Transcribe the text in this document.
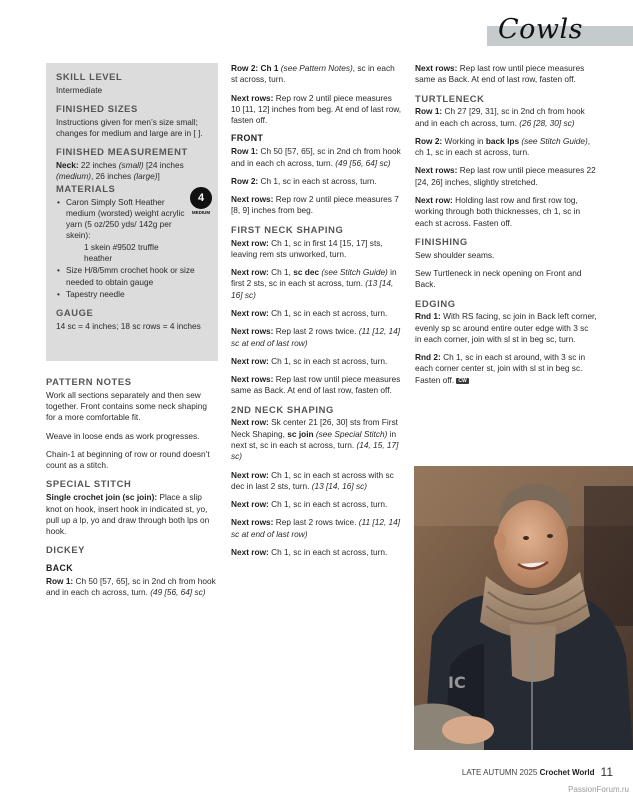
Cowls
SKILL LEVEL
Intermediate
FINISHED SIZES
Instructions given for men’s size small; changes for medium and large are in [ ].
FINISHED MEASUREMENT
Neck: 22 inches (small) [24 inches (medium), 26 inches (large)]
MATERIALS
4
MEDIUM
• Caron Simply Soft Heather medium (worsted) weight acrylic yarn (5 oz/250 yds/ 142g per skein):
1 skein #9502 truffle heather
• Size H/8/5mm crochet hook or size needed to obtain gauge
• Tapestry needle
GAUGE
14 sc = 4 inches; 18 sc rows = 4 inches
PATTERN NOTES
Work all sections separately and then sew together. Front contains some neck shaping for a more comfortable fit.
Weave in loose ends as work progresses.
Chain-1 at beginning of row or round doesn’t count as a stitch.
SPECIAL STITCH
Single crochet join (sc join): Place a slip knot on hook, insert hook in indicated st, yo, pull up a lp, yo and draw through both lps on hook.
DICKEY
BACK
Row 1: Ch 50 [57, 65], sc in 2nd ch from hook and in each ch across, turn. (49 [56, 64] sc)
Row 2: Ch 1 (see Pattern Notes), sc in each st across, turn.
Next rows: Rep row 2 until piece measures 10 [11, 12] inches from beg. At end of last row, fasten off.
FRONT
Row 1: Ch 50 [57, 65], sc in 2nd ch from hook and in each ch across, turn. (49 [56, 64] sc)
Row 2: Ch 1, sc in each st across, turn.
Next rows: Rep row 2 until piece measures 7 [8, 9] inches from beg.
FIRST NECK SHAPING
Next row: Ch 1, sc in first 14 [15, 17] sts, leaving rem sts unworked, turn.
Next row: Ch 1, sc dec (see Stitch Guide) in first 2 sts, sc in each st across, turn. (13 [14, 16] sc)
Next row: Ch 1, sc in each st across, turn.
Next rows: Rep last 2 rows twice. (11 [12, 14] sc at end of last row)
Next row: Ch 1, sc in each st across, turn.
Next rows: Rep last row until piece measures same as Back. At end of last row, fasten off.
2ND NECK SHAPING
Next row: Sk center 21 [26, 30] sts from First Neck Shaping, sc join (see Special Stitch) in next st, sc in each st across, turn. (14, 15, 17] sc)
Next row: Ch 1, sc in each st across with sc dec in last 2 sts, turn. (13 [14, 16] sc)
Next row: Ch 1, sc in each st across, turn.
Next rows: Rep last 2 rows twice. (11 [12, 14] sc at end of last row)
Next row: Ch 1, sc in each st across, turn.
Next rows: Rep last row until piece measures same as Back. At end of last row, fasten off.
TURTLENECK
Row 1: Ch 27 [29, 31], sc in 2nd ch from hook and in each ch across, turn. (26 [28, 30] sc)
Row 2: Working in back lps (see Stitch Guide), ch 1, sc in each st across, turn.
Next rows: Rep last row until piece measures 22 [24, 26] inches, slightly stretched.
Next row: Holding last row and first row tog, working through both thicknesses, ch 1, sc in each st across. Fasten off.
FINISHING
Sew shoulder seams.
Sew Turtleneck in neck opening on Front and Back.
EDGING
Rnd 1: With RS facing, sc join in Back left corner, evenly sp sc around entire outer edge with 3 sc in each corner, join with sl st in beg sc, turn.
Rnd 2: Ch 1, sc in each st around, with 3 sc in each corner center st, join with sl st in beg sc. Fasten off. CW
IC
LATE AUTUMN 2025 Crochet World 11
PassionForum.ru
